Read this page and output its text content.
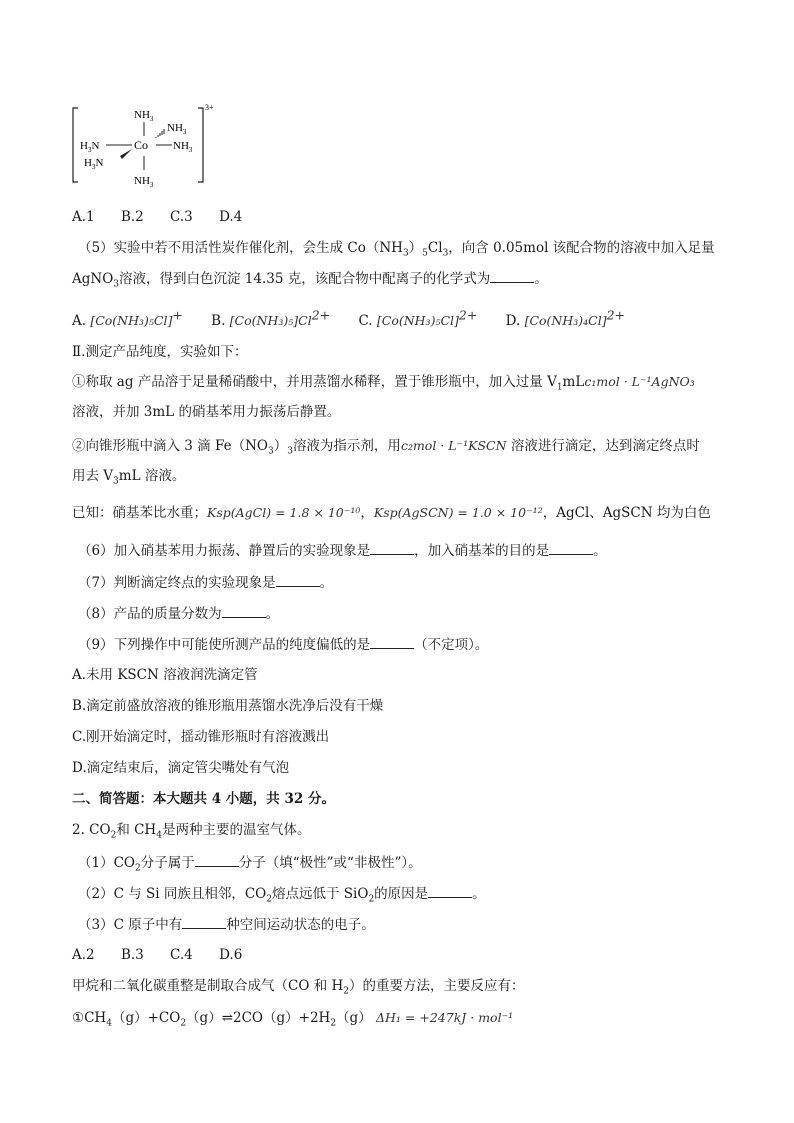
$NH_3$
$NH_3$
$NH_3$
$H_3N$
$H_3N$
$NH_3$
Co
3+
A.1 B.2 C.3 D.4
（5）实验中若不用活性炭作催化剂，会生成 $Co(NH_3)_5Cl_3$，向含 0.05mol 该配合物的溶液中加入足量
AgNO$_3$溶液，得到白色沉淀 14.35 克，该配合物中配离子的化学式为	。
A. [Co(NH₃)₅Cl]+ B. $[Co(NH_3)_5]Cl^{2+}$ C. $[Co(NH_3)_5Cl]^{2+}$ D. $[Co(NH_3)_4Cl]^{2+}$
Ⅱ.测定产品纯度，实验如下：
①称取 ag 产品溶于足量稀硝酸中，并用蒸馏水稀释，置于锥形瓶中，加入过量 $V_1mLc_1mol$ · L⁻¹AgNO₃
溶液，并加 3mL 的硝基苯用力振荡后静置。
②向锥形瓶中滴入 3 滴 $Fe(NO_3)_3$溶液为指示剂，用c₂mol · L⁻¹KSCN 溶液进行滴定，达到滴定终点时
用去 $V_3mL$ 溶液。
已知：硝基苯比水重；Ksp(AgCl) = 1.8 × 10⁻¹⁰，Ksp(AgSCN) = 1.0 × 10⁻¹²，AgCl、AgSCN 均为白色
（6）加入硝基苯用力振荡、静置后的实验现象是	，加入硝基苯的目的是	。
（7）判断滴定终点的实验现象是	。
（8）产品的质量分数为	。
（9）下列操作中可能使所测产品的纯度偏低的是	（不定项）。
A.未用 KSCN 溶液润洗滴定管
B.滴定前盛放溶液的锥形瓶用蒸馏水洗净后没有干燥
C.刚开始滴定时，摇动锥形瓶时有溶液溅出
D.滴定结束后，滴定管尖嘴处有气泡
二、简答题：本大题共 4 小题，共 32 分。
2. $CO_2$和 $CH_4$是两种主要的温室气体。
$(1)CO_2$分子属于	分子（填“极性”或“非极性”）。
（2）C 与 Si 同族且相邻，$CO_2$熔点远低于 SiO$_2$的原因是	。
（3）C 原子中有	种空间运动状态的电子。
A.2 B.3 C.4 D.6
甲烷和二氧化碳重整是制取合成气（CO 和 $H_2$）的重要方法，主要反应有：
$①CH_4(g)+CO_2(g)\rightleftharpoons 2CO(g)+2H_2(g) \Delta H_1 = +247kJ \cdot mol^{-1}$
